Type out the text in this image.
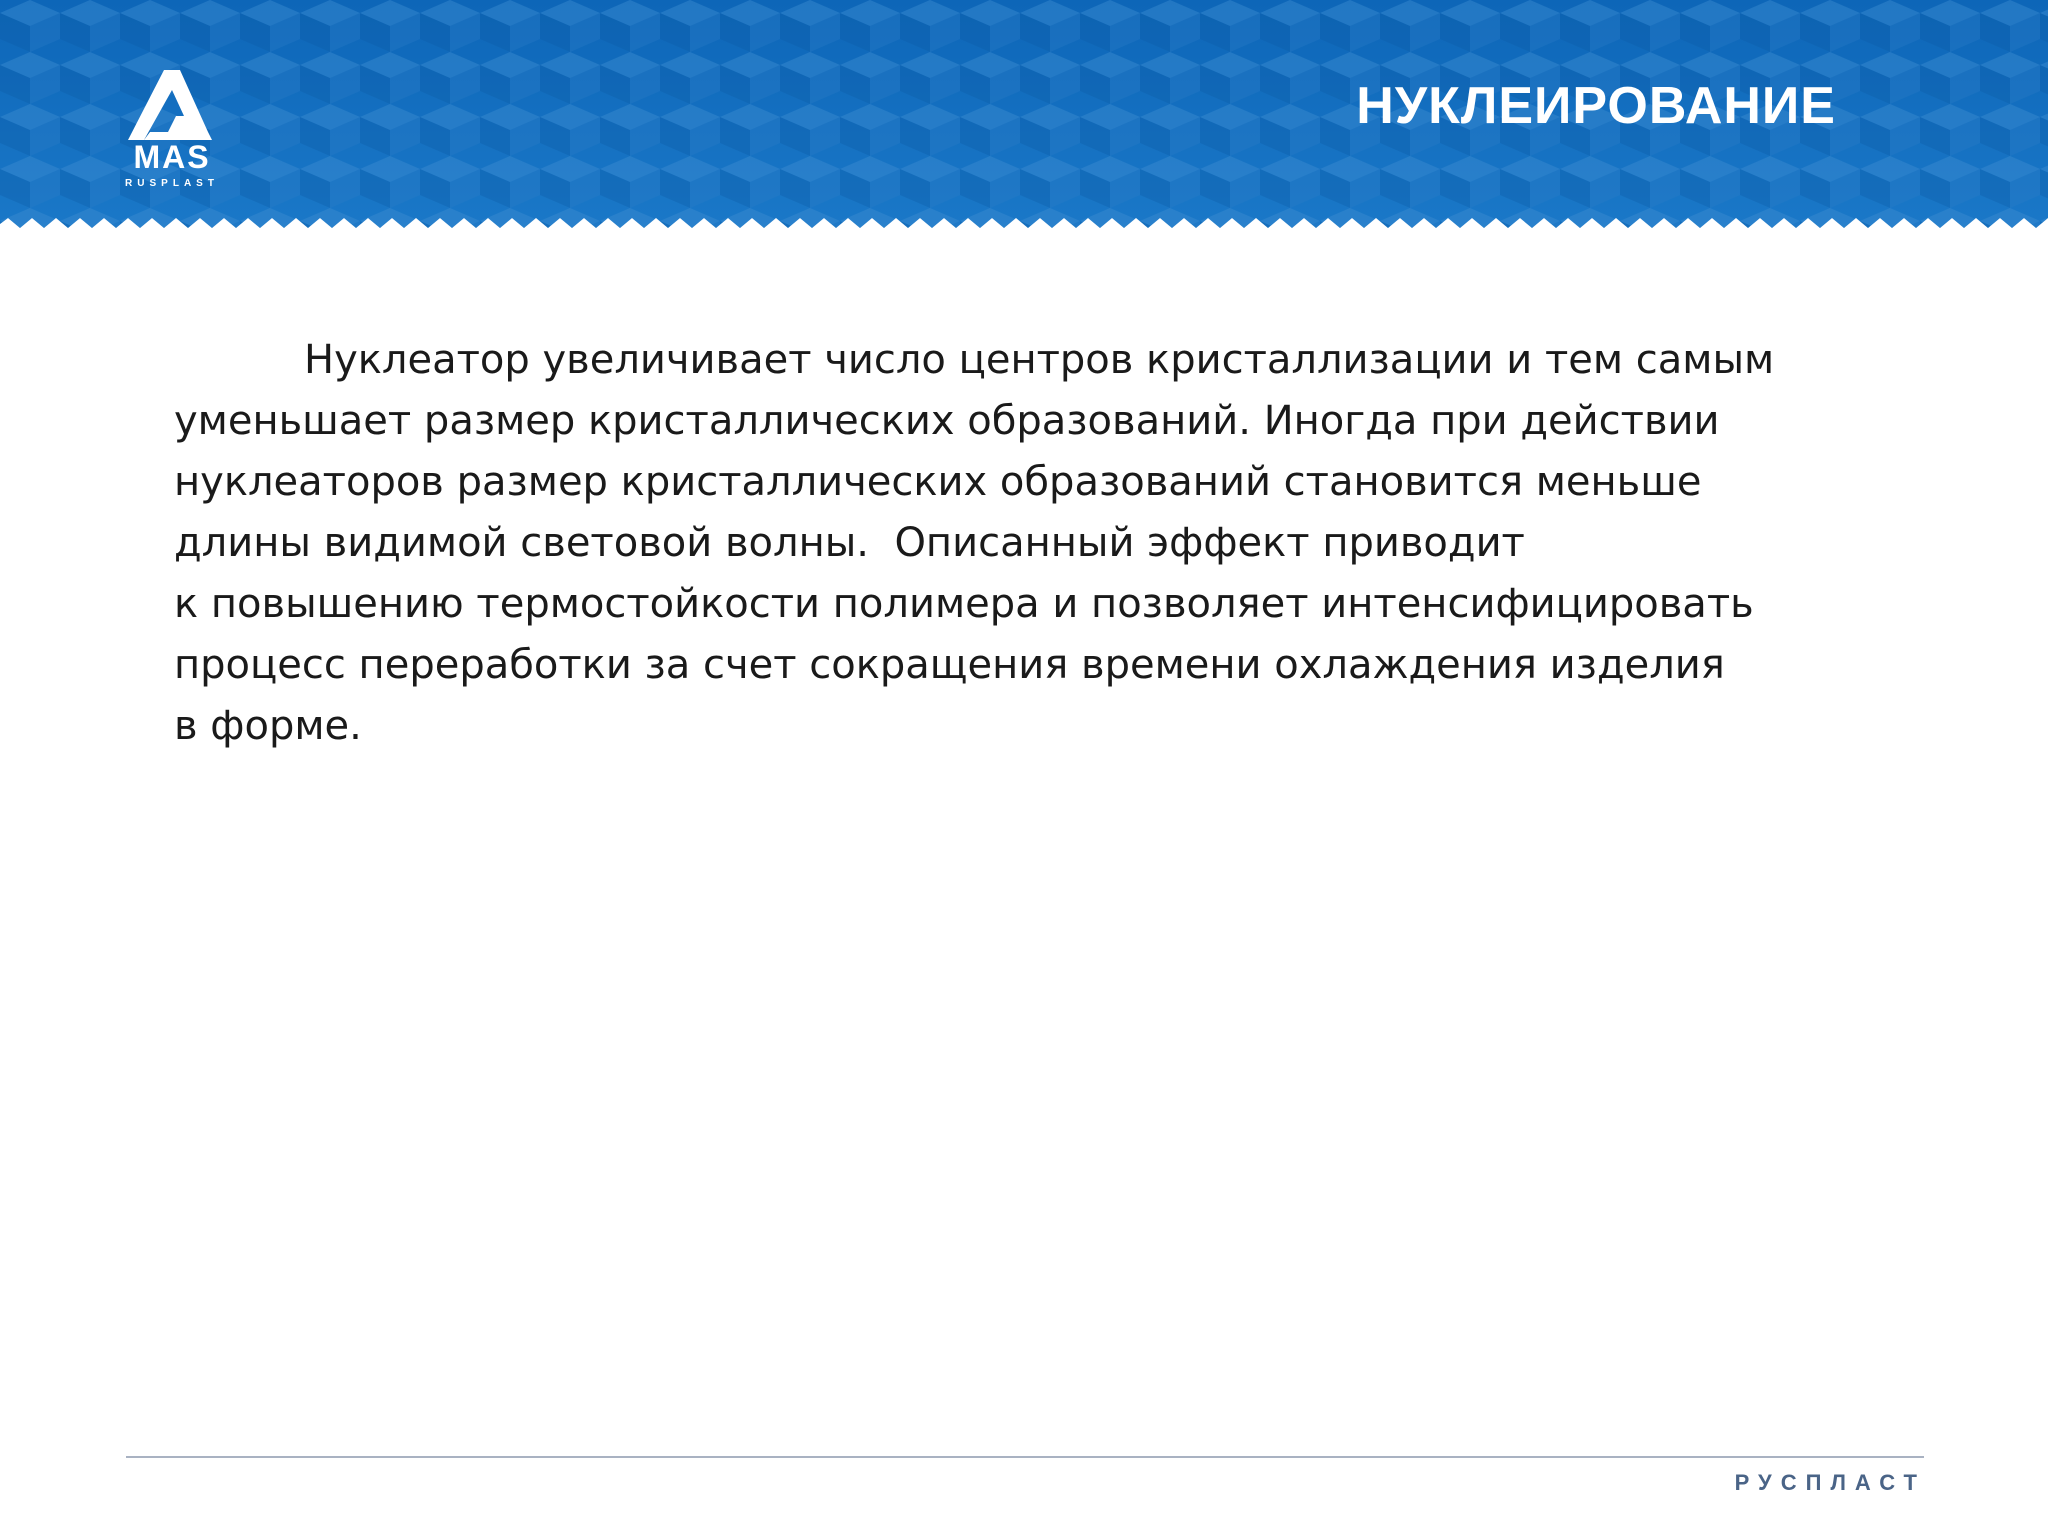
MAS
RUSPLAST
НУКЛЕИРОВАНИЕ

Нуклеатор увеличивает число центров кристаллизации и тем самым
уменьшает размер кристаллических образований. Иногда при действии
нуклеаторов размер кристаллических образований становится меньше
длины видимой световой волны.  Описанный эффект приводит
к повышению термостойкости полимера и позволяет интенсифицировать
процесс переработки за счет сокращения времени охлаждения изделия
в форме.

РУСПЛАСТ
